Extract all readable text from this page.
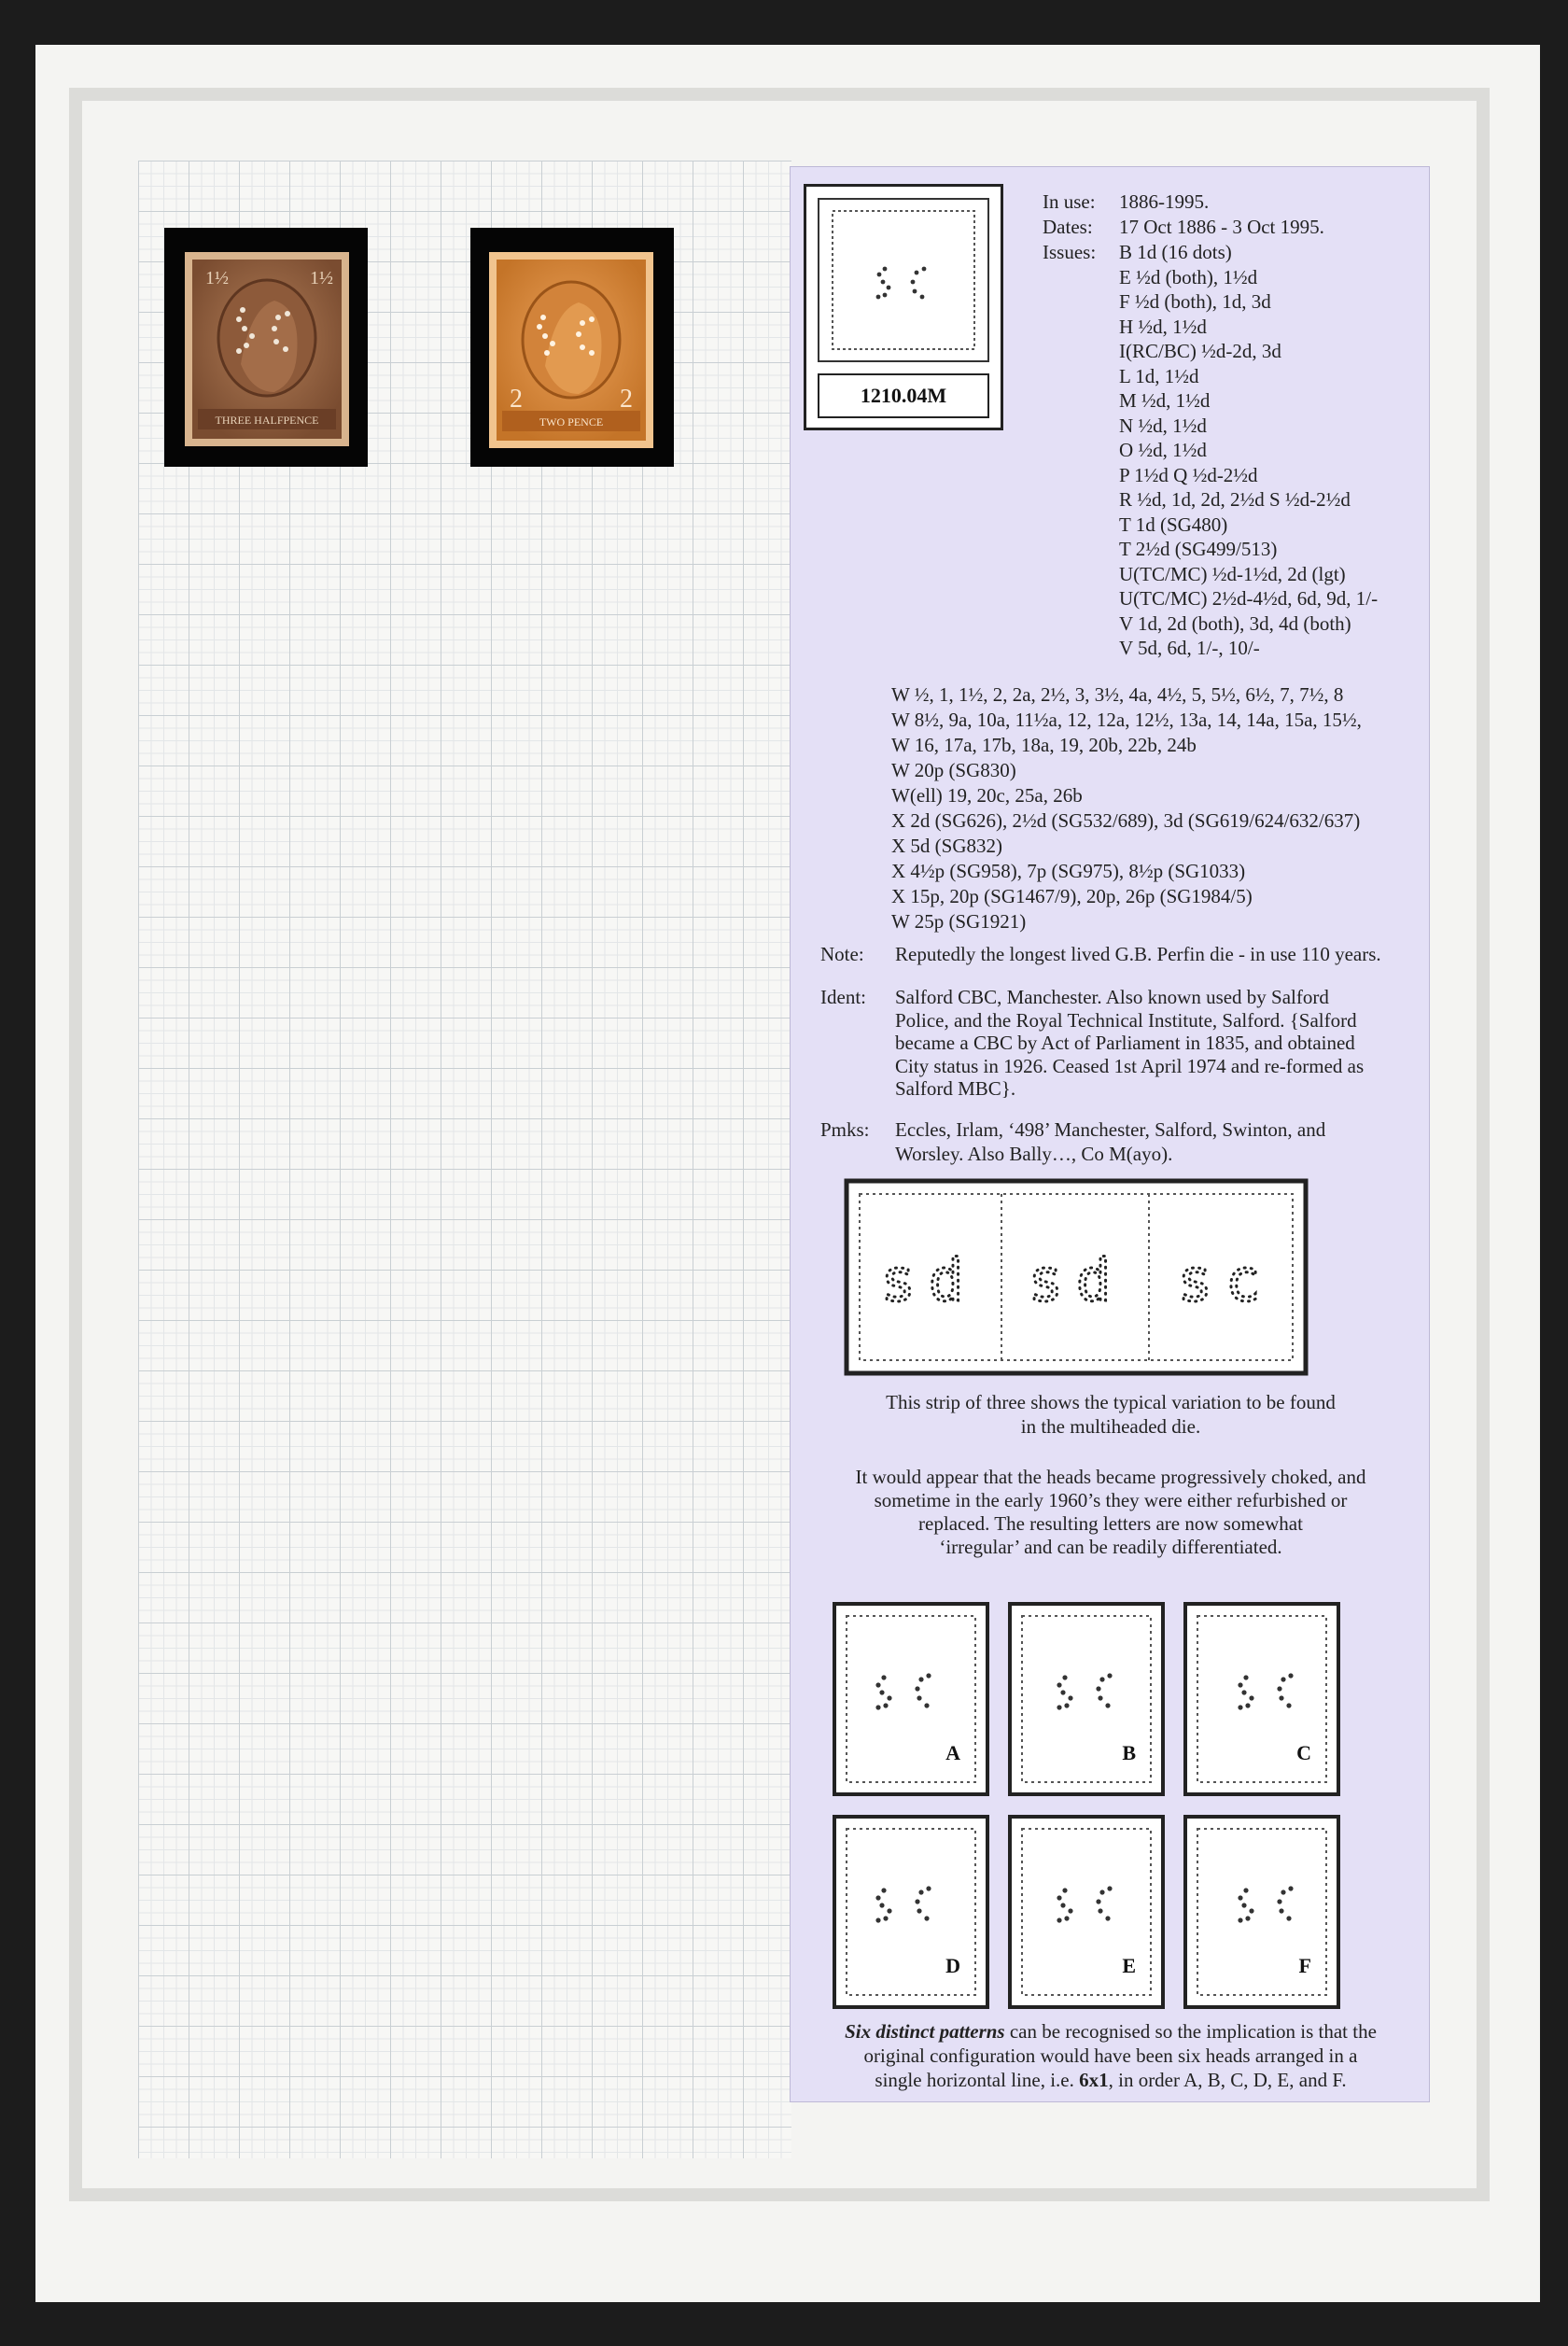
THREE HALFPENCE
1½	1½
TWO PENCE
2	2	1210.04M
In use: 1886-1995.
Dates: 17 Oct 1886 - 3 Oct 1995.
Issues: B 1d (16 dots)
E ½d (both), 1½d
F ½d (both), 1d, 3d
H ½d, 1½d
I(RC/BC) ½d-2d, 3d
L 1d, 1½d
M ½d, 1½d
N ½d, 1½d
O ½d, 1½d
P 1½d Q ½d-2½d
R ½d, 1d, 2d, 2½d S ½d-2½d
T 1d (SG480)
T 2½d (SG499/513)
U(TC/MC) ½d-1½d, 2d (lgt)
U(TC/MC) 2½d-4½d, 6d, 9d, 1/-
V 1d, 2d (both), 3d, 4d (both)
V 5d, 6d, 1/-, 10/-
W ½, 1, 1½, 2, 2a, 2½, 3, 3½, 4a, 4½, 5, 5½, 6½, 7, 7½, 8
W 8½, 9a, 10a, 11½a, 12, 12a, 12½, 13a, 14, 14a, 15a, 15½,
W 16, 17a, 17b, 18a, 19, 20b, 22b, 24b
W 20p (SG830)
W(ell) 19, 20c, 25a, 26b
X 2d (SG626), 2½d (SG532/689), 3d (SG619/624/632/637)
X 5d (SG832)
X 4½p (SG958), 7p (SG975), 8½p (SG1033)
X 15p, 20p (SG1467/9), 20p, 26p (SG1984/5)
W 25p (SG1921)
Note: Reputedly the longest lived G.B. Perfin die - in use 110 years.
Ident: Salford CBC, Manchester. Also known used by Salford
Police, and the Royal Technical Institute, Salford. {Salford
became a CBC by Act of Parliament in 1835, and obtained
City status in 1926. Ceased 1st April 1974 and re-formed as
Salford MBC}.
Pmks: Eccles, Irlam, ‘498’ Manchester, Salford, Swinton, and
Worsley. Also Bally…, Co M(ayo).
sd sd sc
This strip of three shows the typical variation to be found
in the multiheaded die.
It would appear that the heads became progressively choked, and
sometime in the early 1960’s they were either refurbished or
replaced. The resulting letters are now somewhat
‘irregular’ and can be readily differentiated.
A	B	C
D	E	F
Six distinct patterns can be recognised so the implication is that the
original configuration would have been six heads arranged in a
single horizontal line, i.e. 6x1, in order A, B, C, D, E, and F.
